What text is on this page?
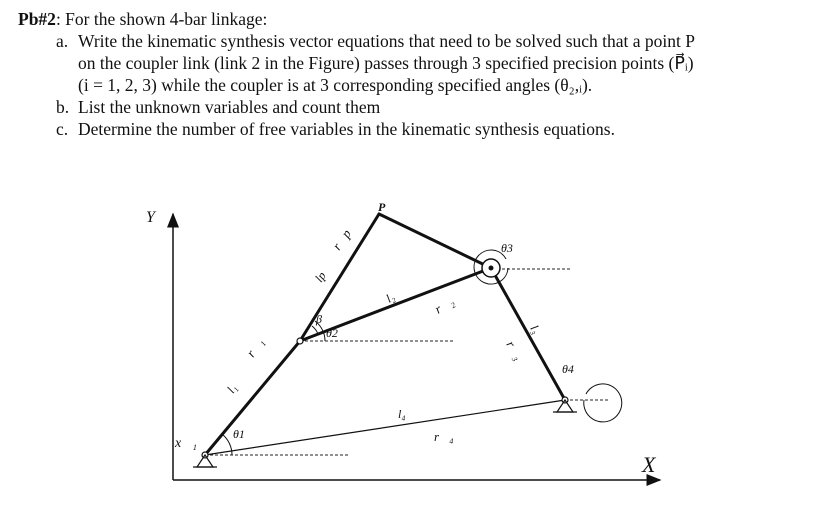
Pb#2: For the shown 4-bar linkage:
a. Write the kinematic synthesis vector equations that need to be solved such that a point P
on the coupler link (link 2 in the Figure) passes through 3 specified precision points (P⃗ᵢ)
(i = 1, 2, 3) while the coupler is at 3 corresponding specified angles (θ₂,ᵢ).
b. List the unknown variables and count them
c. Determine the number of free variables in the kinematic synthesis equations.
Y
X
P
x⃗₁
θ1
θ2
θ3
θ4
β
r⃗₁
l₁
r⃗p
lp
l₂	r⃗₂
r⃗₃
l₃
l₄
r⃗₄
